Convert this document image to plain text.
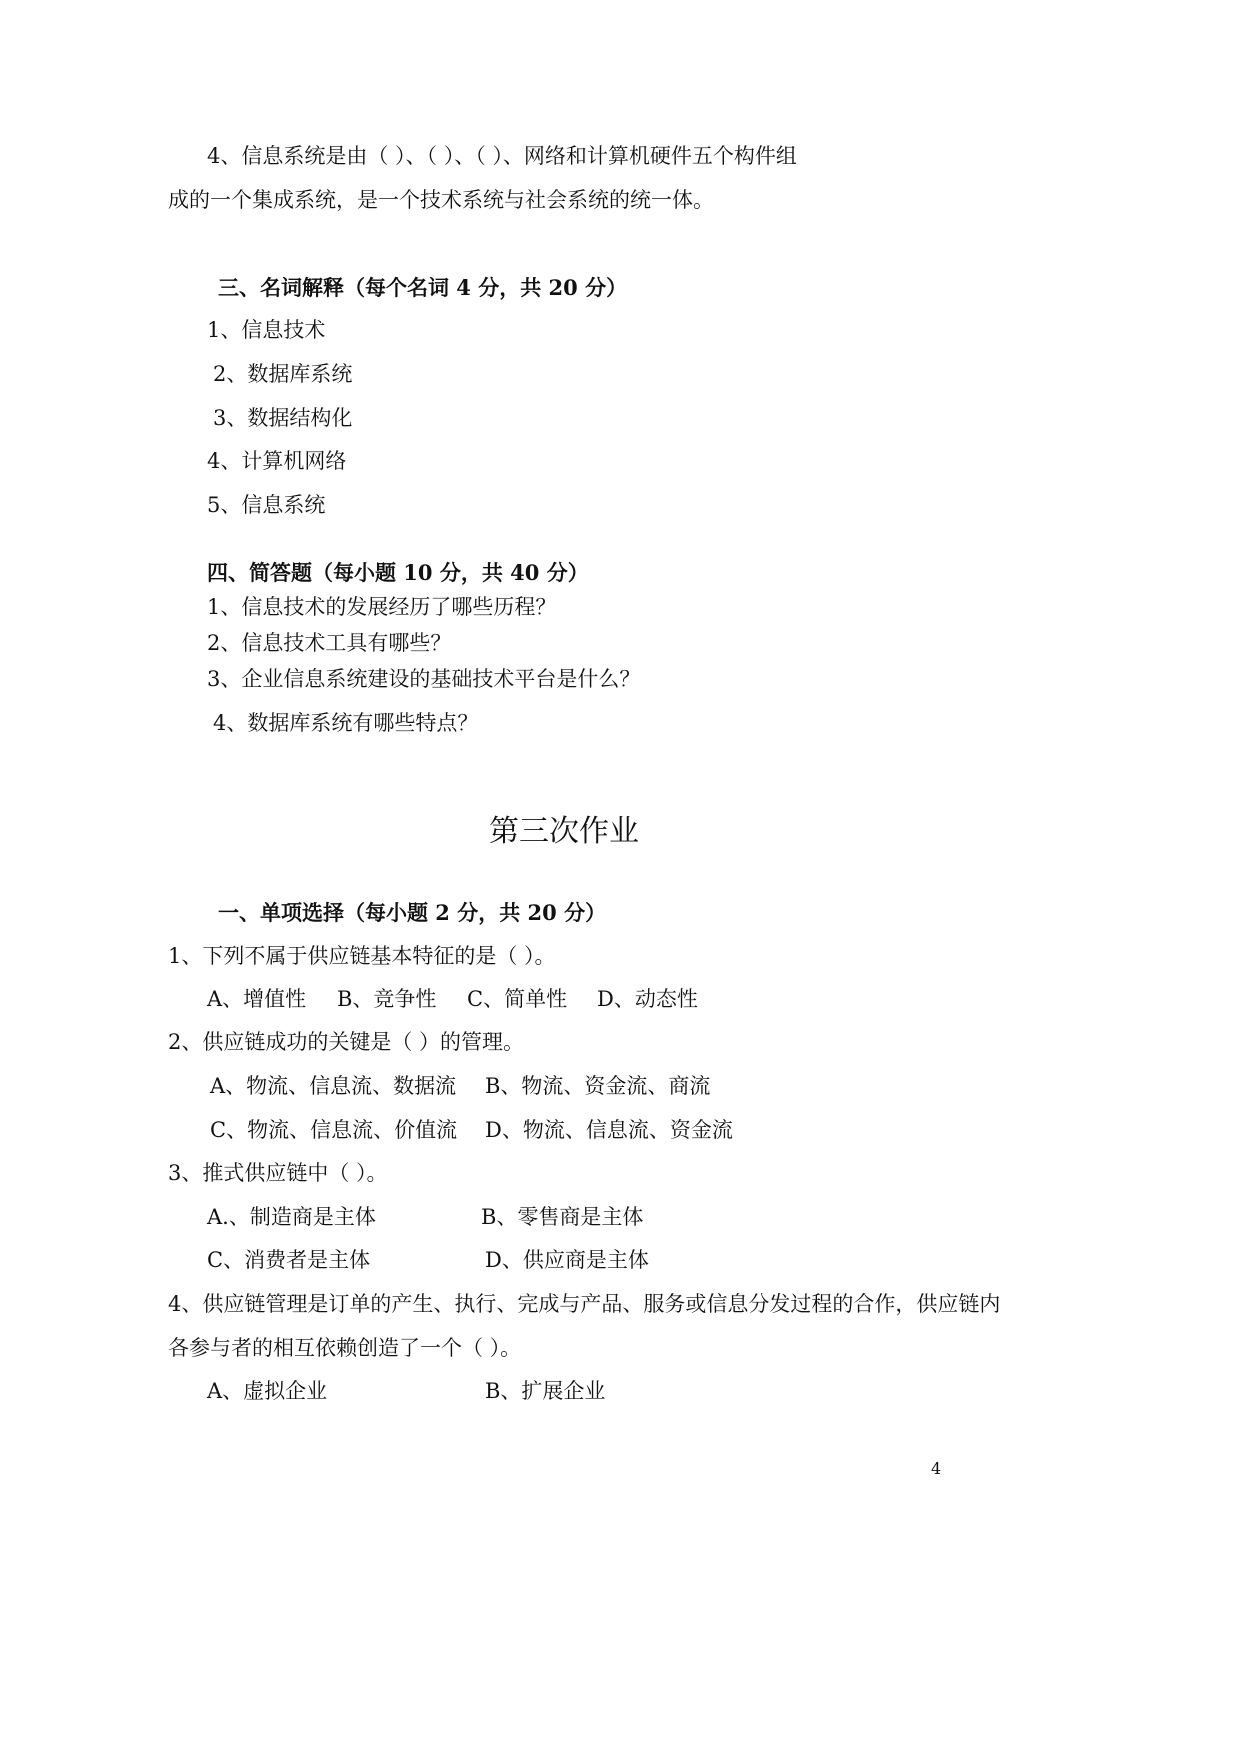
4、信息系统是由（ ）、（ ）、（ ）、网络和计算机硬件五个构件组
成的一个集成系统，是一个技术系统与社会系统的统一体。
三、名词解释（每个名词 4 分，共 20 分）
1、信息技术
2、数据库系统
3、数据结构化
4、计算机网络
5、信息系统
四、简答题（每小题 10 分，共 40 分）
1、信息技术的发展经历了哪些历程？
2、信息技术工具有哪些？
3、企业信息系统建设的基础技术平台是什么？
4、数据库系统有哪些特点？
第三次作业
一、单项选择（每小题 2 分，共 20 分）
1、下列不属于供应链基本特征的是（ ）。
A、增值性 B、竞争性 C、简单性 D、动态性
2、供应链成功的关键是（ ）的管理。
A、物流、信息流、数据流 B、物流、资金流、商流
C、物流、信息流、价值流 D、物流、信息流、资金流
3、推式供应链中（ ）。
A.、制造商是主体	B、零售商是主体
C、消费者是主体	D、供应商是主体
4、供应链管理是订单的产生、执行、完成与产品、服务或信息分发过程的合作，供应链内
各参与者的相互依赖创造了一个（ ）。
A、虚拟企业	B、扩展企业
4
